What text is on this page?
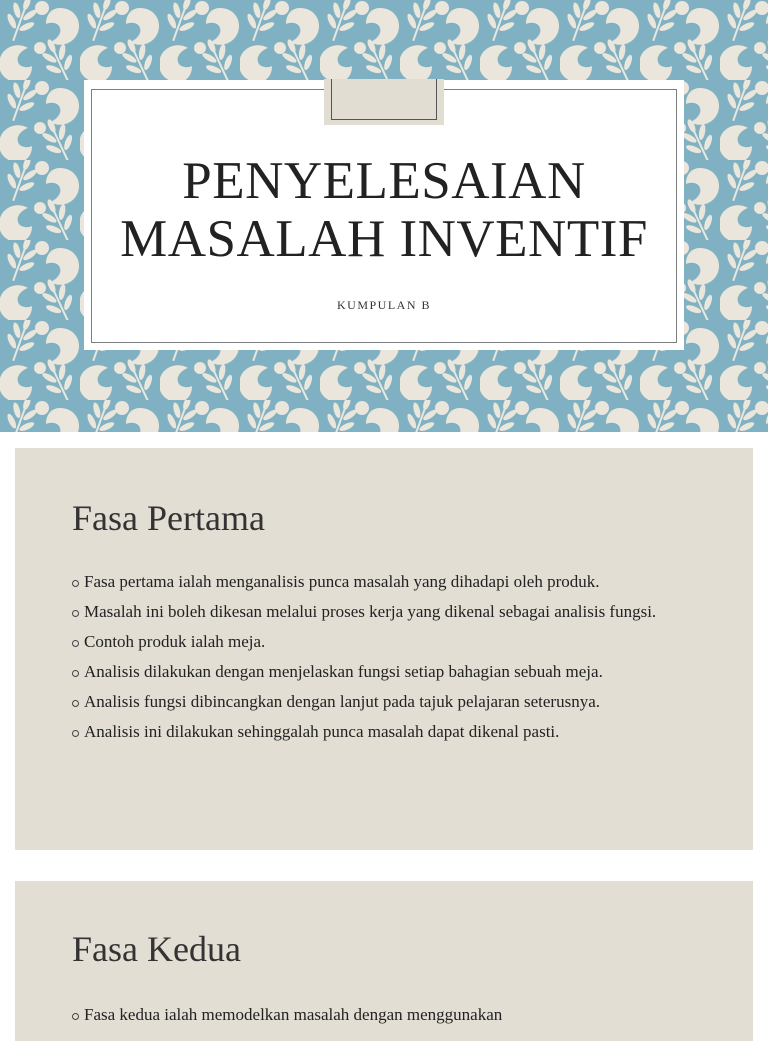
PENYELESAIAN
MASALAH INVENTIF
KUMPULAN B
Fasa Pertama
Fasa pertama ialah menganalisis punca masalah yang dihadapi oleh produk.
Masalah ini boleh dikesan melalui proses kerja yang dikenal sebagai analisis fungsi.
Contoh produk ialah meja.
Analisis dilakukan dengan menjelaskan fungsi setiap bahagian sebuah meja.
Analisis fungsi dibincangkan dengan lanjut pada tajuk pelajaran seterusnya.
Analisis ini dilakukan sehinggalah punca masalah dapat dikenal pasti.
Fasa Kedua
Fasa kedua ialah memodelkan masalah dengan menggunakan
